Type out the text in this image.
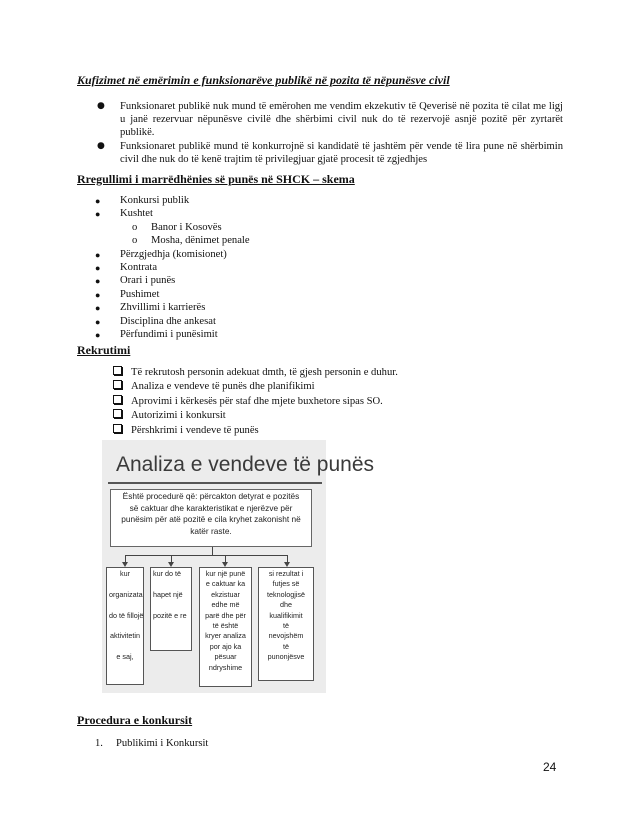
Kufizimet në emërimin e funksionarëve publikë në pozita të nëpunësve civil
● Funksionaret publikë nuk mund të emërohen me vendim ekzekutiv të Qeverisë në pozita të cilat me ligj u janë rezervuar nëpunësve civilë dhe shërbimi civil nuk do të rezervojë asnjë pozitë për zyrtarët publikë.
● Funksionaret publikë mund të konkurrojnë si kandidatë të jashtëm për vende të lira pune në shërbimin civil dhe nuk do të kenë trajtim të privilegjuar gjatë procesit të zgjedhjes
Rregullimi i marrëdhënies së punës në SHCK – skema
● Konkursi publik
● Kushtet
o Banor i Kosovës
o Mosha, dënimet penale
● Përzgjedhja (komisionet)
● Kontrata
● Orari i punës
● Pushimet
● Zhvillimi i karrierës
● Disciplina dhe ankesat
● Përfundimi i punësimit
Rekrutimi
Të rekrutosh personin adekuat dmth, të gjesh personin e duhur.
Analiza e vendeve të punës dhe planifikimi
Aprovimi i kërkesës për staf dhe mjete buxhetore sipas SO.
Autorizimi i konkursit
Përshkrimi i vendeve të punës
Analiza e vendeve të punës
Është procedurë që: përcakton detyrat e pozitës
së caktuar dhe karakteristikat e njerëzve për
punësim për atë pozitë e cila kryhet zakonisht në
katër raste.
kur

organizata

do të fillojë

aktivitetin

e saj,
kur do të

hapet një

pozitë e re
kur një punë
e caktuar ka
ekzistuar
edhe më
parë dhe për
të është
kryer analiza
por ajo ka
pësuar
ndryshime
si rezultat i
futjes së
teknologjisë
dhe
kualifikimit
të
nevojshëm
të
punonjësve
Procedura e konkursit
1. Publikimi i Konkursit
24
